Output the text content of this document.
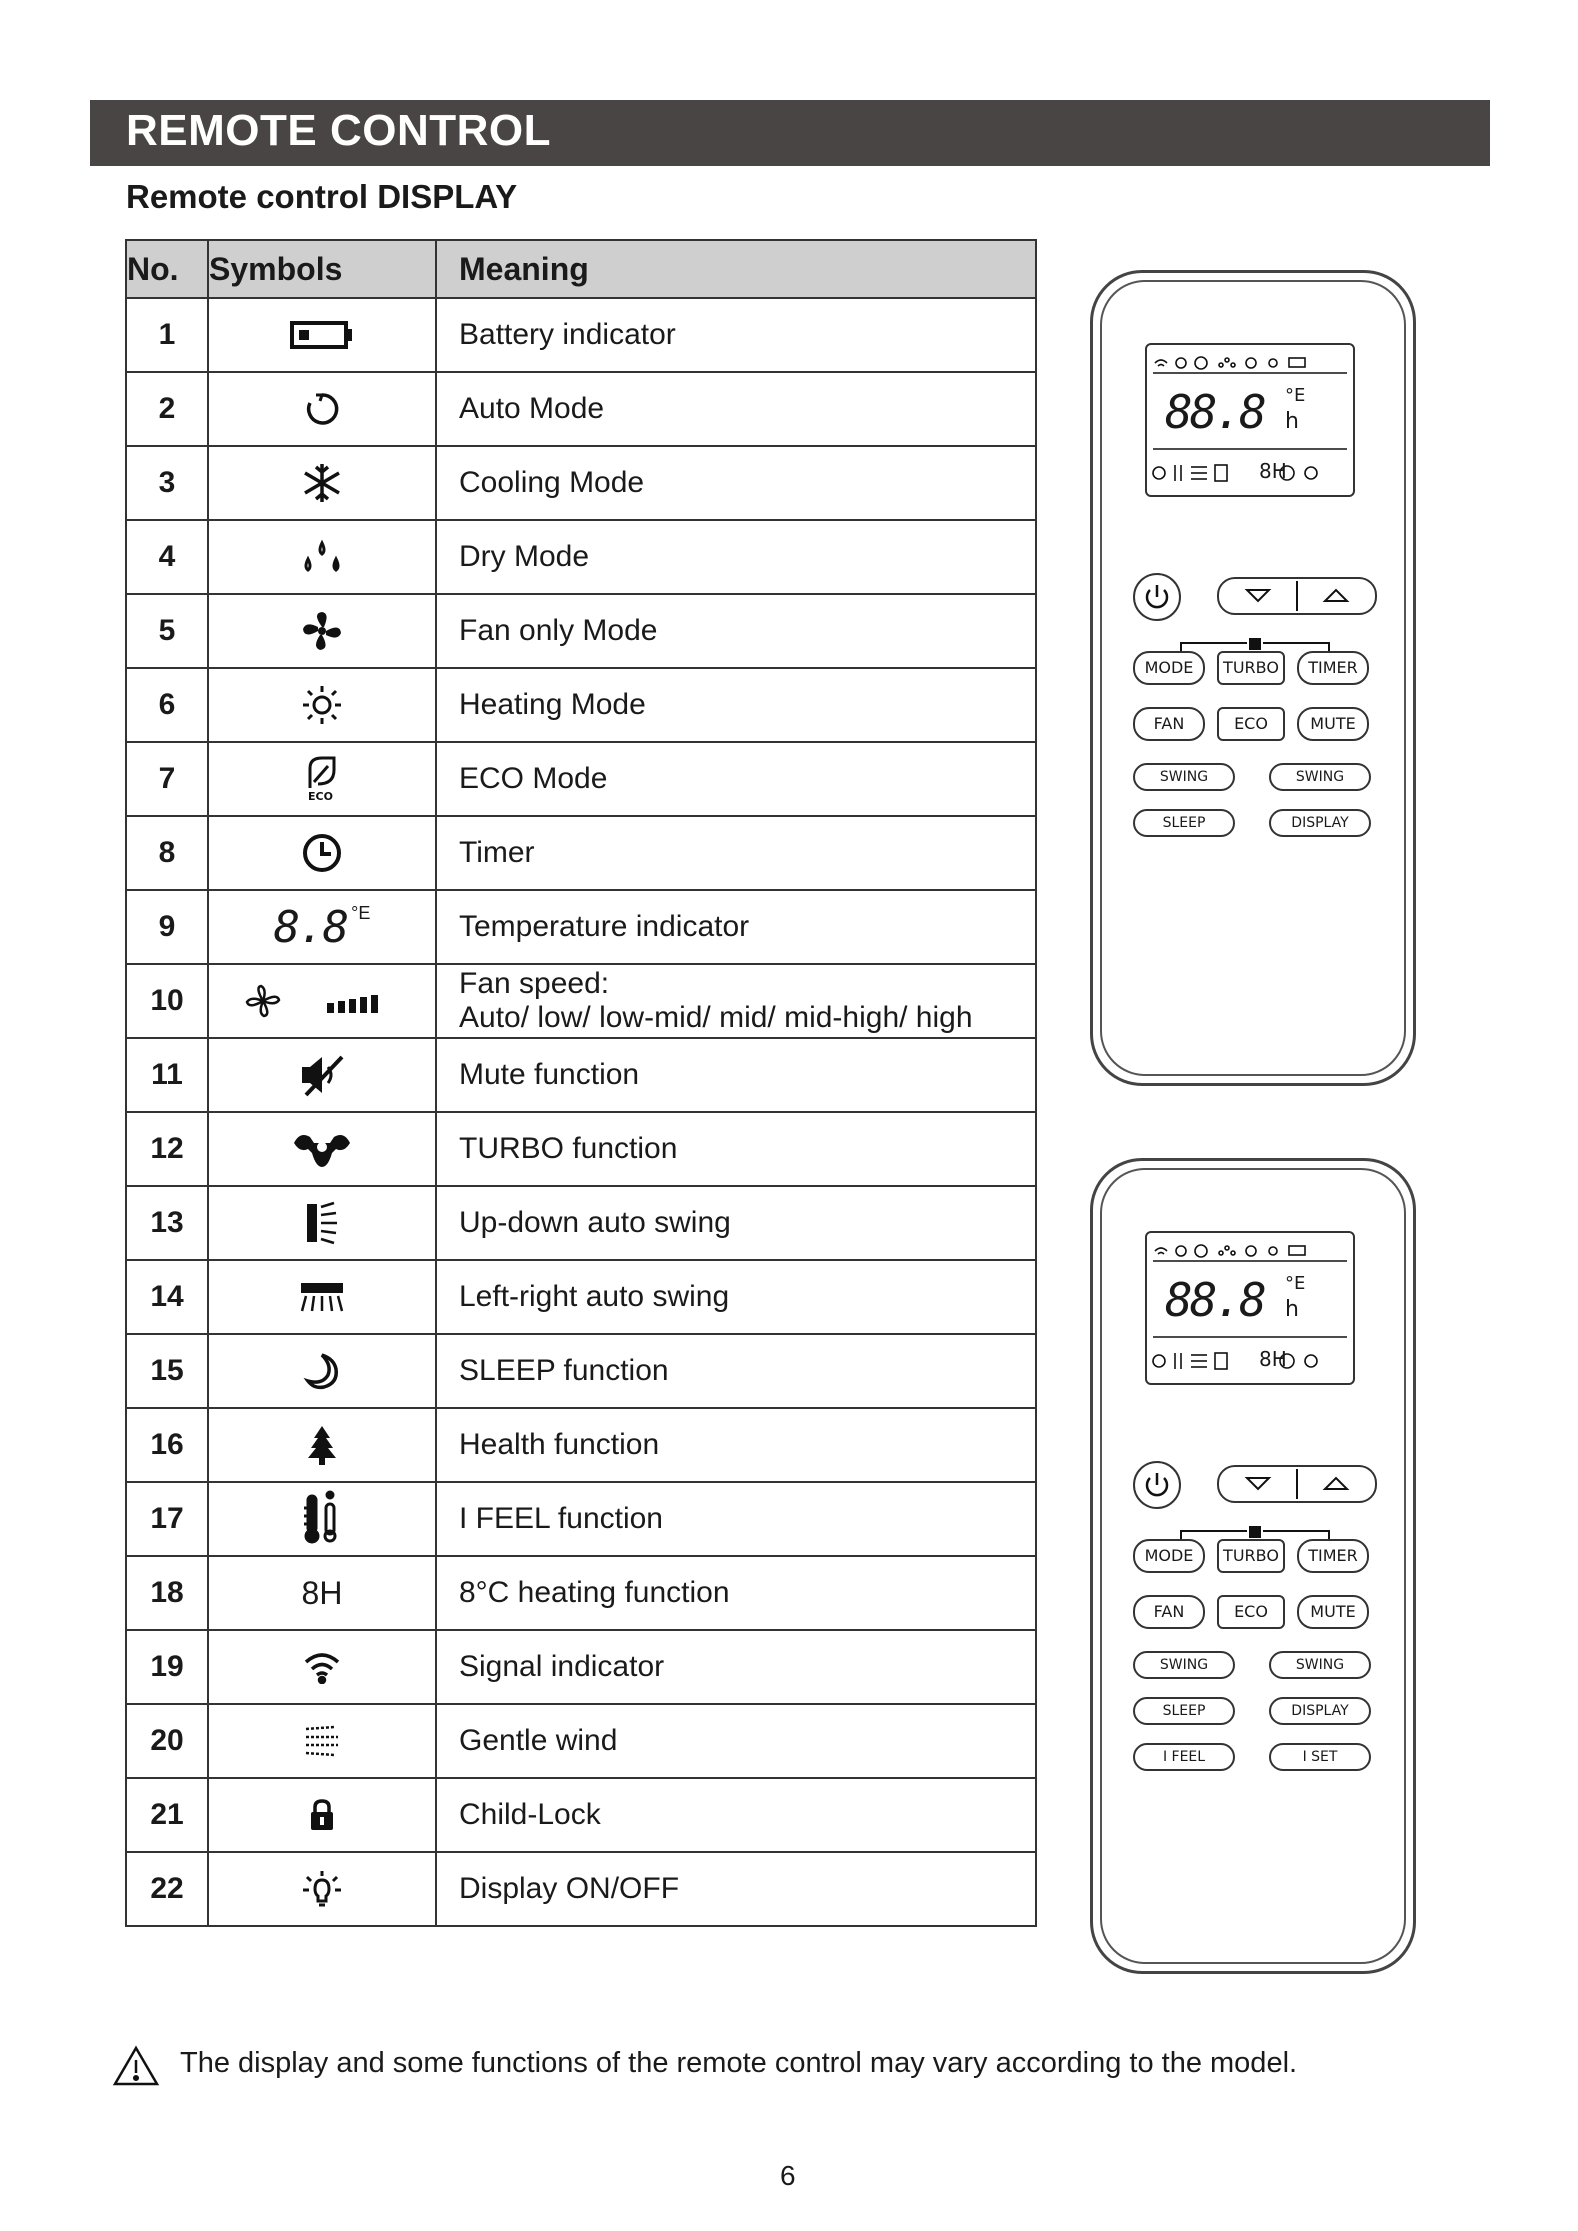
REMOTE CONTROL
Remote control DISPLAY
No.	Symbols	Meaning
1		Battery indicator
2		Auto Mode
3		Cooling Mode
4		Dry Mode
5		Fan only Mode
6		Heating Mode
7	ECO	ECO Mode
8		Timer
9	8.8 °E	Temperature indicator
10		Fan speed:
Auto/ low/ low-mid/ mid/ mid-high/ high

11		Mute function
12		TURBO function
13		Up-down auto swing
14		Left-right auto swing
15		SLEEP function
16		Health function
17		I FEEL function
18	8H	8°C heating function
19		Signal indicator
20		Gentle wind
21		Child-Lock
22		Display ON/OFF
88.8 °E
h
8H
MODE	TURBO	TIMER
FAN	ECO	MUTE
SWING	SWING
SLEEP	DISPLAY
88.8 °E
h
8H
MODE	TURBO	TIMER
FAN	ECO	MUTE
SWING	SWING
SLEEP	DISPLAY
I FEEL	I SET
The display and some functions of the remote control may vary according to the model.
6
